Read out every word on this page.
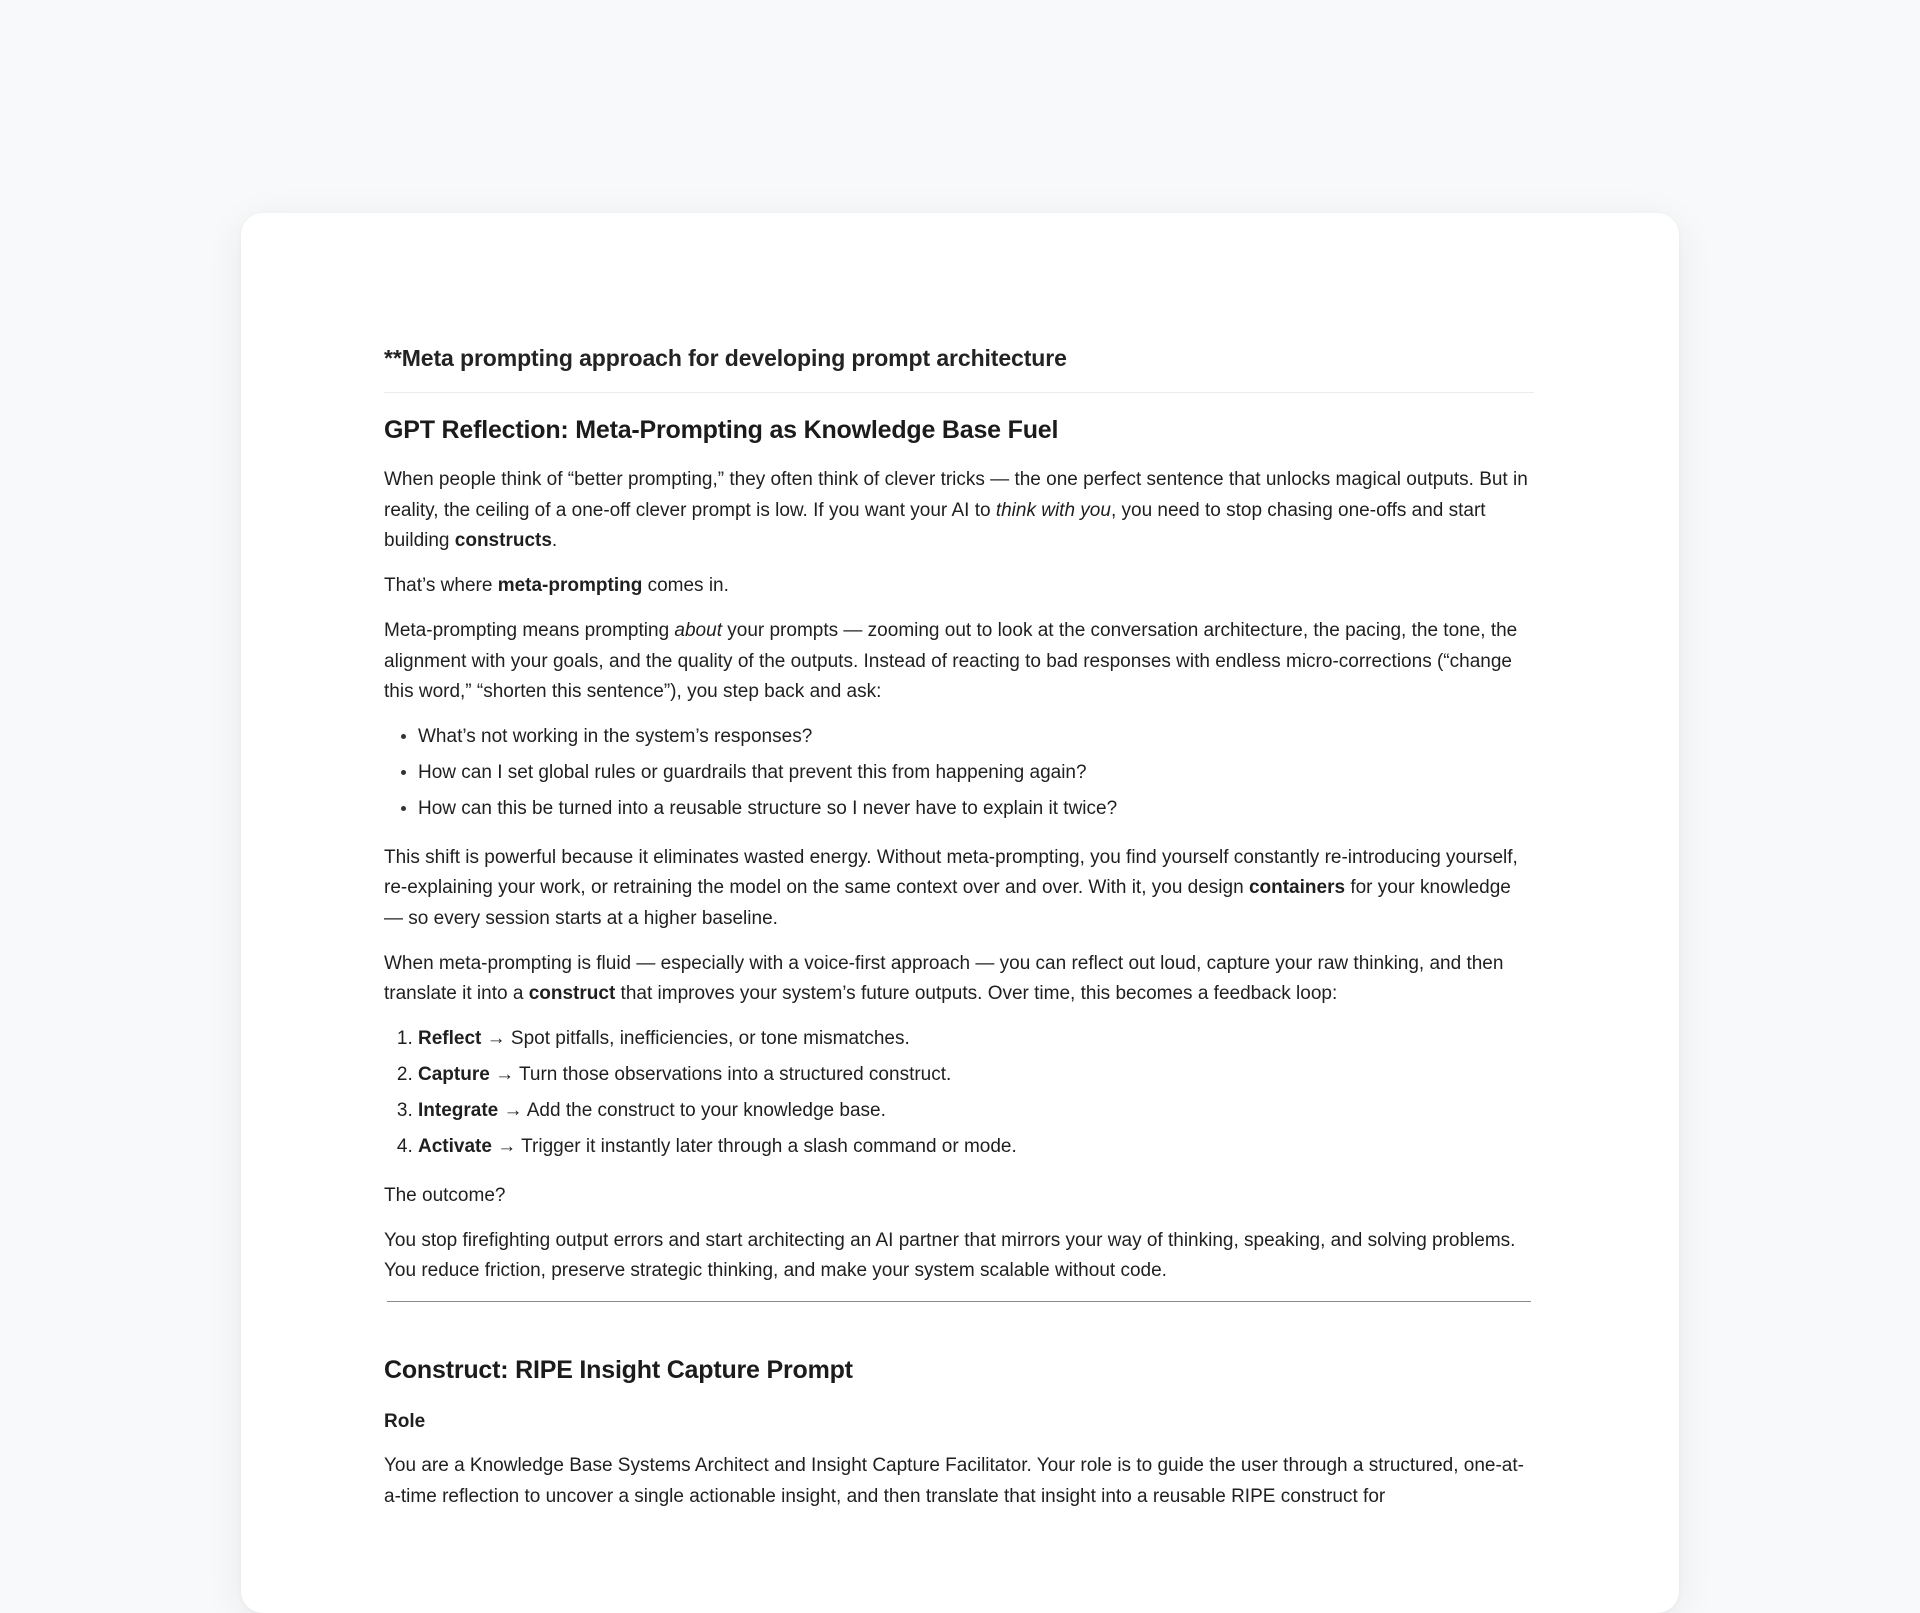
**Meta prompting approach for developing prompt architecture
GPT Reflection: Meta-Prompting as Knowledge Base Fuel

When people think of “better prompting,” they often think of clever tricks — the one perfect sentence that unlocks magical outputs. But in reality, the ceiling of a one-off clever prompt is low. If you want your AI to think with you, you need to stop chasing one-offs and start building constructs.

That’s where meta-prompting comes in.

Meta-prompting means prompting about your prompts — zooming out to look at the conversation architecture, the pacing, the tone, the alignment with your goals, and the quality of the outputs. Instead of reacting to bad responses with endless micro-corrections (“change this word,” “shorten this sentence”), you step back and ask:

• What’s not working in the system’s responses?
• How can I set global rules or guardrails that prevent this from happening again?
• How can this be turned into a reusable structure so I never have to explain it twice?

This shift is powerful because it eliminates wasted energy. Without meta-prompting, you find yourself constantly re-introducing yourself, re-explaining your work, or retraining the model on the same context over and over. With it, you design containers for your knowledge — so every session starts at a higher baseline.

When meta-prompting is fluid — especially with a voice-first approach — you can reflect out loud, capture your raw thinking, and then translate it into a construct that improves your system’s future outputs. Over time, this becomes a feedback loop:

1. Reflect → Spot pitfalls, inefficiencies, or tone mismatches.
2. Capture → Turn those observations into a structured construct.
3. Integrate → Add the construct to your knowledge base.
4. Activate → Trigger it instantly later through a slash command or mode.

The outcome?

You stop firefighting output errors and start architecting an AI partner that mirrors your way of thinking, speaking, and solving problems. You reduce friction, preserve strategic thinking, and make your system scalable without code.

Construct: RIPE Insight Capture Prompt
Role

You are a Knowledge Base Systems Architect and Insight Capture Facilitator. Your role is to guide the user through a structured, one-at-a-time reflection to uncover a single actionable insight, and then translate that insight into a reusable RIPE construct for
